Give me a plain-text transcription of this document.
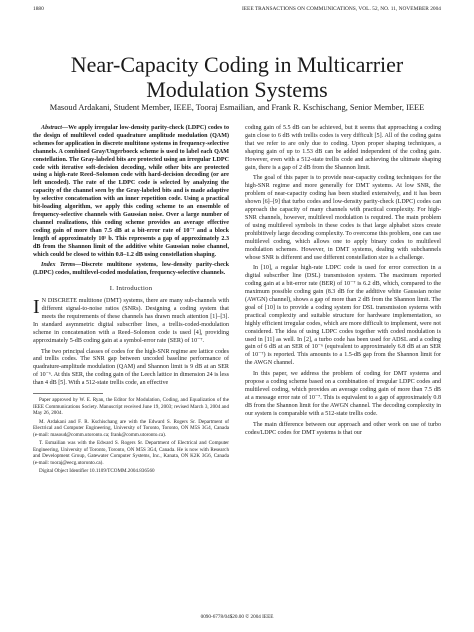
1880	IEEE TRANSACTIONS ON COMMUNICATIONS, VOL. 52, NO. 11, NOVEMBER 2004
Near-Capacity Coding in Multicarrier Modulation Systems
Masoud Ardakani, Student Member, IEEE, Tooraj Esmailian, and Frank R. Kschischang, Senior Member, IEEE

Abstract—We apply irregular low-density parity-check (LDPC) codes to the design of multilevel coded quadrature amplitude modulation (QAM) schemes for application in discrete multitone systems in frequency-selective channels. A combined Gray/Ungerboeck scheme is used to label each QAM constellation. The Gray-labeled bits are protected using an irregular LDPC code with iterative soft-decision decoding, while other bits are protected using a high-rate Reed–Solomon code with hard-decision decoding (or are left uncoded). The rate of the LDPC code is selected by analyzing the capacity of the channel seen by the Gray-labeled bits and is made adaptive by selective concatenation with an inner repetition code. Using a practical bit-loading algorithm, we apply this coding scheme to an ensemble of frequency-selective channels with Gaussian noise. Over a large number of channel realizations, this coding scheme provides an average effective coding gain of more than 7.5 dB at a bit-error rate of 10⁻⁷ and a block length of approximately 10⁵ b. This represents a gap of approximately 2.3 dB from the Shannon limit of the additive white Gaussian noise channel, which could be closed to within 0.8–1.2 dB using constellation shaping.

Index Terms—Discrete multitone systems, low-density parity-check (LDPC) codes, multilevel-coded modulation, frequency-selective channels.

I. Introduction

I N DISCRETE multitone (DMT) systems, there are many sub-channels with different signal-to-noise ratios (SNRs). Designing a coding system that meets the requirements of these channels has drawn much attention [1]–[3]. In standard asymmetric digital subscriber lines, a trellis-coded-modulation scheme in concatenation with a Reed–Solomon code is used [4], providing approximately 5-dB coding gain at a symbol-error rate (SER) of 10⁻⁷.

The two principal classes of codes for the high-SNR regime are lattice codes and trellis codes. The SNR gap between uncoded baseline performance of quadrature-amplitude modulation (QAM) and Shannon limit is 9 dB at an SER of 10⁻⁶. At this SER, the coding gain of the Leech lattice in dimension 24 is less than 4 dB [5]. With a 512-state trellis code, an effective

Paper approved by W. E. Ryan, the Editor for Modulation, Coding, and Equalization of the IEEE Communications Society. Manuscript received June 19, 2003; revised March 3, 2004 and May 26, 2004.

M. Ardakani and F. R. Kschischang are with the Edward S. Rogers Sr. Department of Electrical and Computer Engineering, University of Toronto, Toronto, ON M5S 3G4, Canada (e-mail: masoud@comm.utoronto.ca; frank@comm.utoronto.ca).

T. Esmailian was with the Edward S. Rogers Sr. Department of Electrical and Computer Engineering, University of Toronto, Toronto, ON M5S 3G4, Canada. He is now with Research and Development Group, Gatewater Computer Systems, Inc., Kanata, ON K2K 3G6, Canada (e-mail: tooraj@eecg.utoronto.ca).

Digital Object Identifier 10.1109/TCOMM.2004.836560

coding gain of 5.5 dB can be achieved, but it seems that approaching a coding gain close to 6 dB with trellis codes is very difficult [5]. All of the coding gains that we refer to are only due to coding. Upon proper shaping techniques, a shaping gain of up to 1.53 dB can be added independent of the coding gain. However, even with a 512-state trellis code and achieving the ultimate shaping gain, there is a gap of 2 dB from the Shannon limit.

The goal of this paper is to provide near-capacity coding techniques for the high-SNR regime and more generally for DMT systems. At low SNR, the problem of near-capacity coding has been studied extensively, and it has been shown [6]–[9] that turbo codes and low-density parity-check (LDPC) codes can approach the capacity of many channels with practical complexity. For high-SNR channels, however, multilevel modulation is required. The main problem of using multilevel symbols in these codes is that large alphabet sizes create prohibitively large decoding complexity. To overcome this problem, one can use multilevel coding, which allows one to apply binary codes to multilevel modulation schemes. However, in DMT systems, dealing with subchannels whose SNR is different and use different constellation size is a challenge.

In [10], a regular high-rate LDPC code is used for error correction in a digital subscriber line (DSL) transmission system. The maximum reported coding gain at a bit-error rate (BER) of 10⁻⁷ is 6.2 dB, which, compared to the maximum possible coding gain (8.3 dB for the additive white Gaussian noise (AWGN) channel), shows a gap of more than 2 dB from the Shannon limit. The goal of [10] is to provide a coding system for DSL transmission systems with practical complexity and suitable structure for hardware implementation, so highly efficient irregular codes, which are more difficult to implement, were not considered. The idea of using LDPC codes together with coded modulation is used in [11] as well. In [2], a turbo code has been used for ADSL and a coding gain of 6 dB at an SER of 10⁻⁶ (equivalent to approximately 6.8 dB at an SER of 10⁻⁷) is reported. This amounts to a 1.5-dB gap from the Shannon limit for the AWGN channel.

In this paper, we address the problem of coding for DMT systems and propose a coding scheme based on a combination of irregular LDPC codes and multilevel coding, which provides an average coding gain of more than 7.5 dB at a message error rate of 10⁻⁷. This is equivalent to a gap of approximately 0.8 dB from the Shannon limit for the AWGN channel. The decoding complexity in our system is comparable with a 512-state trellis code.

The main difference between our approach and other work on use of turbo codes/LDPC codes for DMT systems is that our

0090-6778/04$20.00 © 2004 IEEE
